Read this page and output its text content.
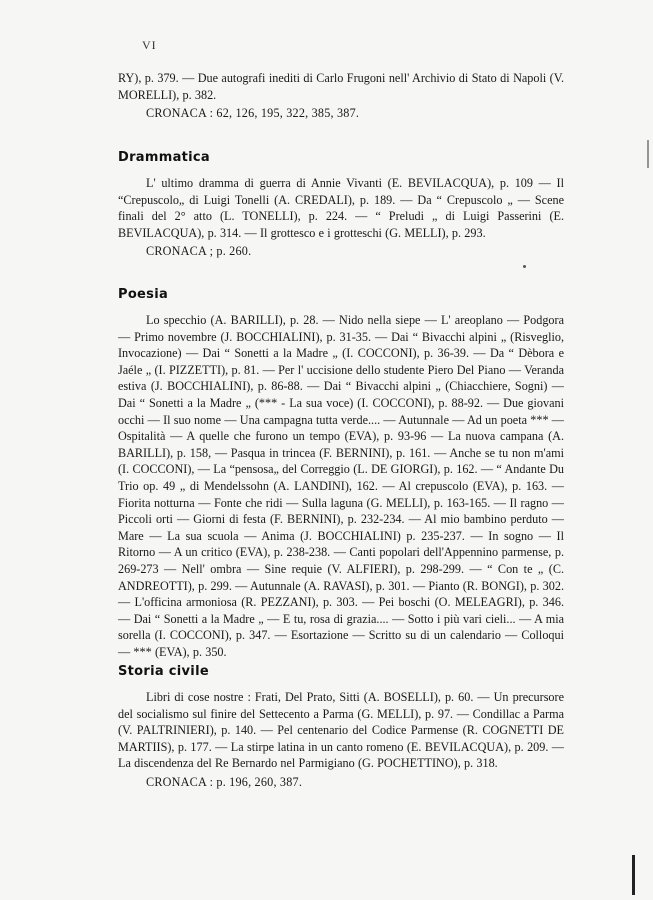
VI

RY), p. 379. — Due autografi inediti di Carlo Frugoni nell' Archivio di Stato di Napoli (V. MORELLI), p. 382.

CRONACA : 62, 126, 195, 322, 385, 387.
Drammatica

L' ultimo dramma di guerra di Annie Vivanti (E. BEVILACQUA), p. 109 — Il “Crepuscolo„ di Luigi Tonelli (A. CREDALI), p. 189. — Da “ Crepuscolo „ — Scene finali del 2° atto (L. TONELLI), p. 224. — “ Preludi „ di Luigi Passerini (E. BEVILACQUA), p. 314. — Il grottesco e i grotteschi (G. MELLI), p. 293.

CRONACA ; p. 260.
Poesia

Lo specchio (A. BARILLI), p. 28. — Nido nella siepe — L' areoplano — Podgora — Primo novembre (J. BOCCHIALINI), p. 31-35. — Dai “ Bivacchi alpini „ (Risveglio, Invocazione) — Dai “ Sonetti a la Madre „ (I. COCCONI), p. 36-39. — Da “ Dèbora e Jaéle „ (I. PIZZETTI), p. 81. — Per l' uccisione dello studente Piero Del Piano — Veranda estiva (J. BOCCHIALINI), p. 86-88. — Dai “ Bivacchi alpini „ (Chiacchiere, Sogni) — Dai “ Sonetti a la Madre „ (*** - La sua voce) (I. COCCONI), p. 88-92. — Due giovani occhi — Il suo nome — Una campagna tutta verde.... — Autunnale — Ad un poeta *** — Ospitalità — A quelle che furono un tempo (EVA), p. 93-96 — La nuova campana (A. BARILLI), p. 158, — Pasqua in trincea (F. BERNINI), p. 161. — Anche se tu non m'ami (I. COCCONI), — La “pensosa„ del Correggio (L. DE GIORGI), p. 162. — “ Andante Du Trio op. 49 „ di Mendelssohn (A. LANDINI), 162. — Al crepuscolo (EVA), p. 163. — Fiorita notturna — Fonte che ridi — Sulla laguna (G. MELLI), p. 163-165. — Il ragno — Piccoli orti — Giorni di festa (F. BERNINI), p. 232-234. — Al mio bambino perduto — Mare — La sua scuola — Anima (J. BOCCHIALINI) p. 235-237. — In sogno — Il Ritorno — A un critico (EVA), p. 238-238. — Canti popolari dell'Appennino parmense, p. 269-273 — Nell' ombra — Sine requie (V. ALFIERI), p. 298-299. — “ Con te „ (C. ANDREOTTI), p. 299. — Autunnale (A. RAVASI), p. 301. — Pianto (R. BONGI), p. 302. — L'officina armoniosa (R. PEZZANI), p. 303. — Pei boschi (O. MELEAGRI), p. 346. — Dai “ Sonetti a la Madre „ — E tu, rosa di grazia.... — Sotto i più vari cieli... — A mia sorella (I. COCCONI), p. 347. — Esortazione — Scritto su di un calendario — Colloqui — *** (EVA), p. 350.

Storia civile

Libri di cose nostre : Frati, Del Prato, Sitti (A. BOSELLI), p. 60. — Un precursore del socialismo sul finire del Settecento a Parma (G. MELLI), p. 97. — Condillac a Parma (V. PALTRINIERI), p. 140. — Pel centenario del Codice Parmense (R. COGNETTI DE MARTIIS), p. 177. — La stirpe latina in un canto romeno (E. BEVILACQUA), p. 209. — La discendenza del Re Bernardo nel Parmigiano (G. POCHETTINO), p. 318.

CRONACA : p. 196, 260, 387.
